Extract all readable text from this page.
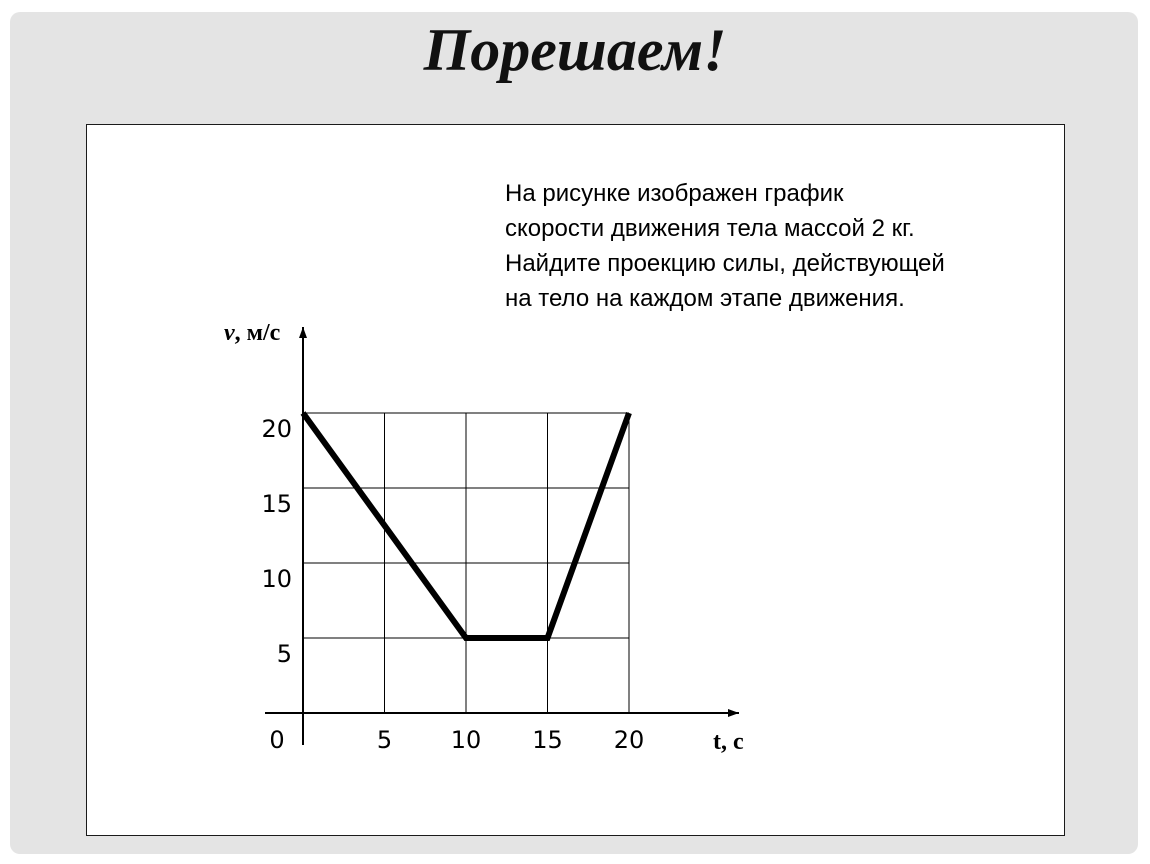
Порешаем!
На рисунке изображен график
скорости движения тела массой 2 кг.
Найдите проекцию силы, действующей
на тело на каждом этапе движения.
0	5 10 15 20
5
10
15
20
t, с
v, м/с
